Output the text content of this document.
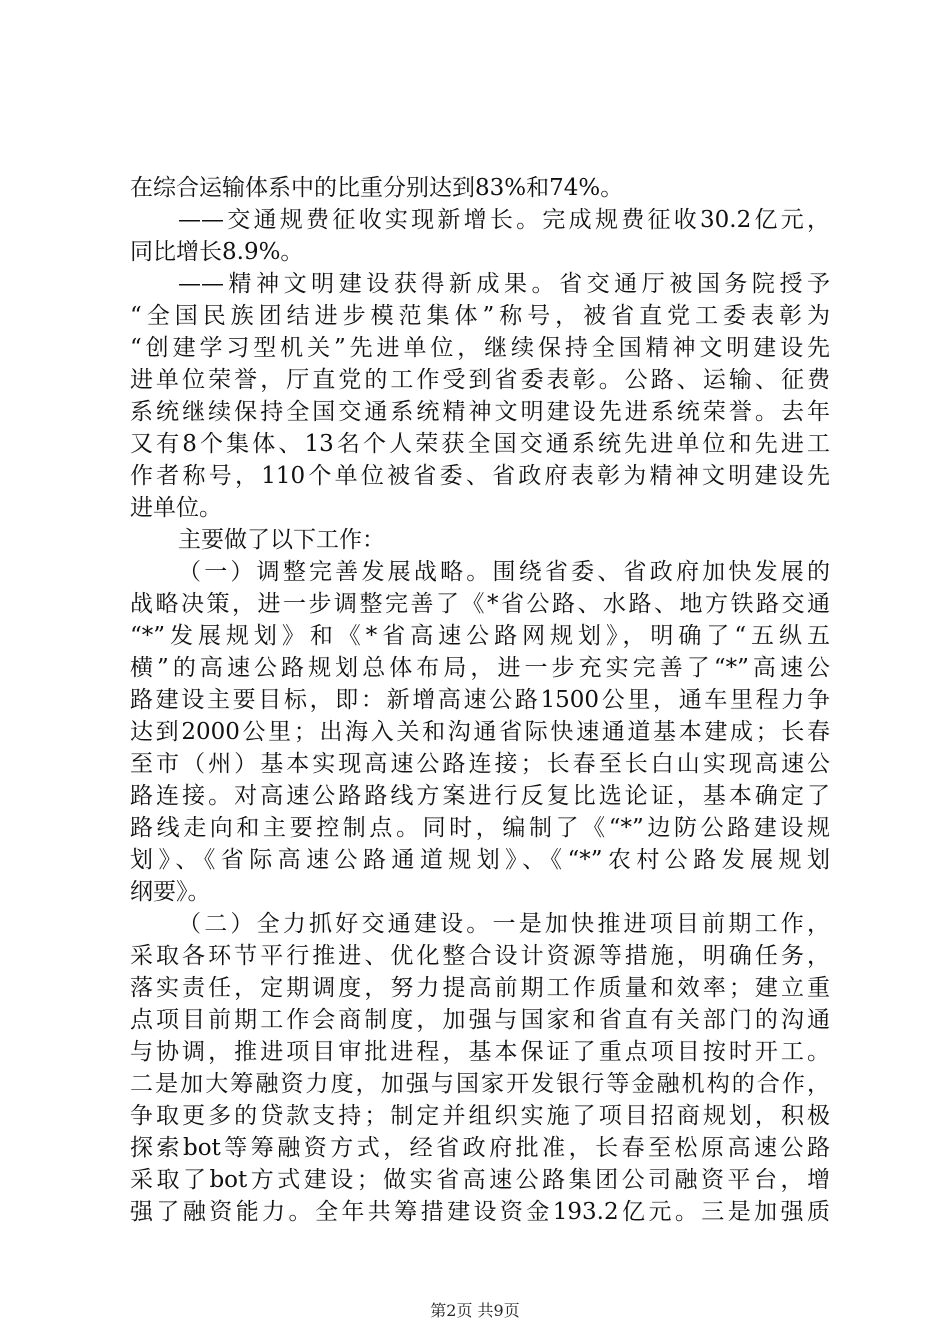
在综合运输体系中的比重分别达到83%和74%。
——交通规费征收实现新增长。完成规费征收30.2亿元，
同比增长8.9%。
——精神文明建设获得新成果。省交通厅被国务院授予
“全国民族团结进步模范集体”称号，被省直党工委表彰为
“创建学习型机关”先进单位，继续保持全国精神文明建设先
进单位荣誉，厅直党的工作受到省委表彰。公路、运输、征费
系统继续保持全国交通系统精神文明建设先进系统荣誉。去年
又有8个集体、13名个人荣获全国交通系统先进单位和先进工
作者称号，110个单位被省委、省政府表彰为精神文明建设先
进单位。
主要做了以下工作：
（一）调整完善发展战略。围绕省委、省政府加快发展的
战略决策，进一步调整完善了《*省公路、水路、地方铁路交通
“*”发展规划》和《*省高速公路网规划》，明确了“五纵五
横”的高速公路规划总体布局，进一步充实完善了“*”高速公
路建设主要目标，即：新增高速公路1500公里，通车里程力争
达到2000公里；出海入关和沟通省际快速通道基本建成；长春
至市（州）基本实现高速公路连接；长春至长白山实现高速公
路连接。对高速公路路线方案进行反复比选论证，基本确定了
路线走向和主要控制点。同时，编制了《“*”边防公路建设规
划》、《省际高速公路通道规划》、《“*”农村公路发展规划
纲要》。
（二）全力抓好交通建设。一是加快推进项目前期工作，
采取各环节平行推进、优化整合设计资源等措施，明确任务，
落实责任，定期调度，努力提高前期工作质量和效率；建立重
点项目前期工作会商制度，加强与国家和省直有关部门的沟通
与协调，推进项目审批进程，基本保证了重点项目按时开工。
二是加大筹融资力度，加强与国家开发银行等金融机构的合作，
争取更多的贷款支持；制定并组织实施了项目招商规划，积极
探索bot等筹融资方式，经省政府批准，长春至松原高速公路
采取了bot方式建设；做实省高速公路集团公司融资平台，增
强了融资能力。全年共筹措建设资金193.2亿元。三是加强质
第2页 共9页
